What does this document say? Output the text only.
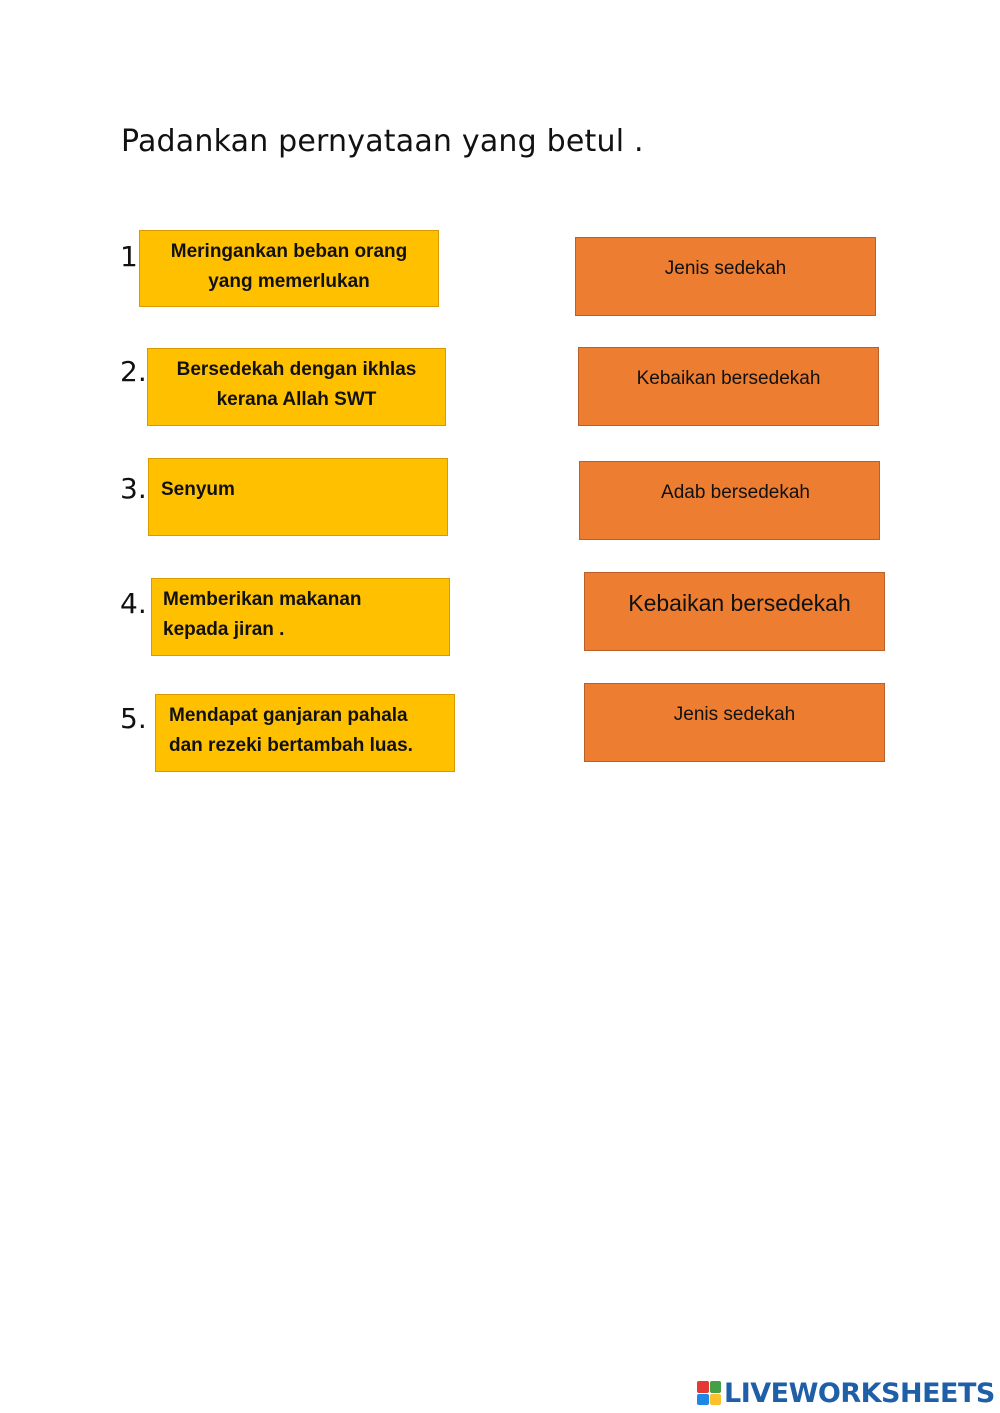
Padankan pernyataan yang betul .
1
2.
3.
4.
5.
Meringankan beban orang
yang memerlukan
Bersedekah dengan ikhlas
kerana Allah SWT
Senyum
Memberikan makanan
kepada jiran .
Mendapat ganjaran pahala
dan rezeki bertambah luas.
Jenis sedekah
Kebaikan bersedekah
Adab bersedekah
Kebaikan bersedekah
Jenis sedekah
LIVEWORKSHEETS
